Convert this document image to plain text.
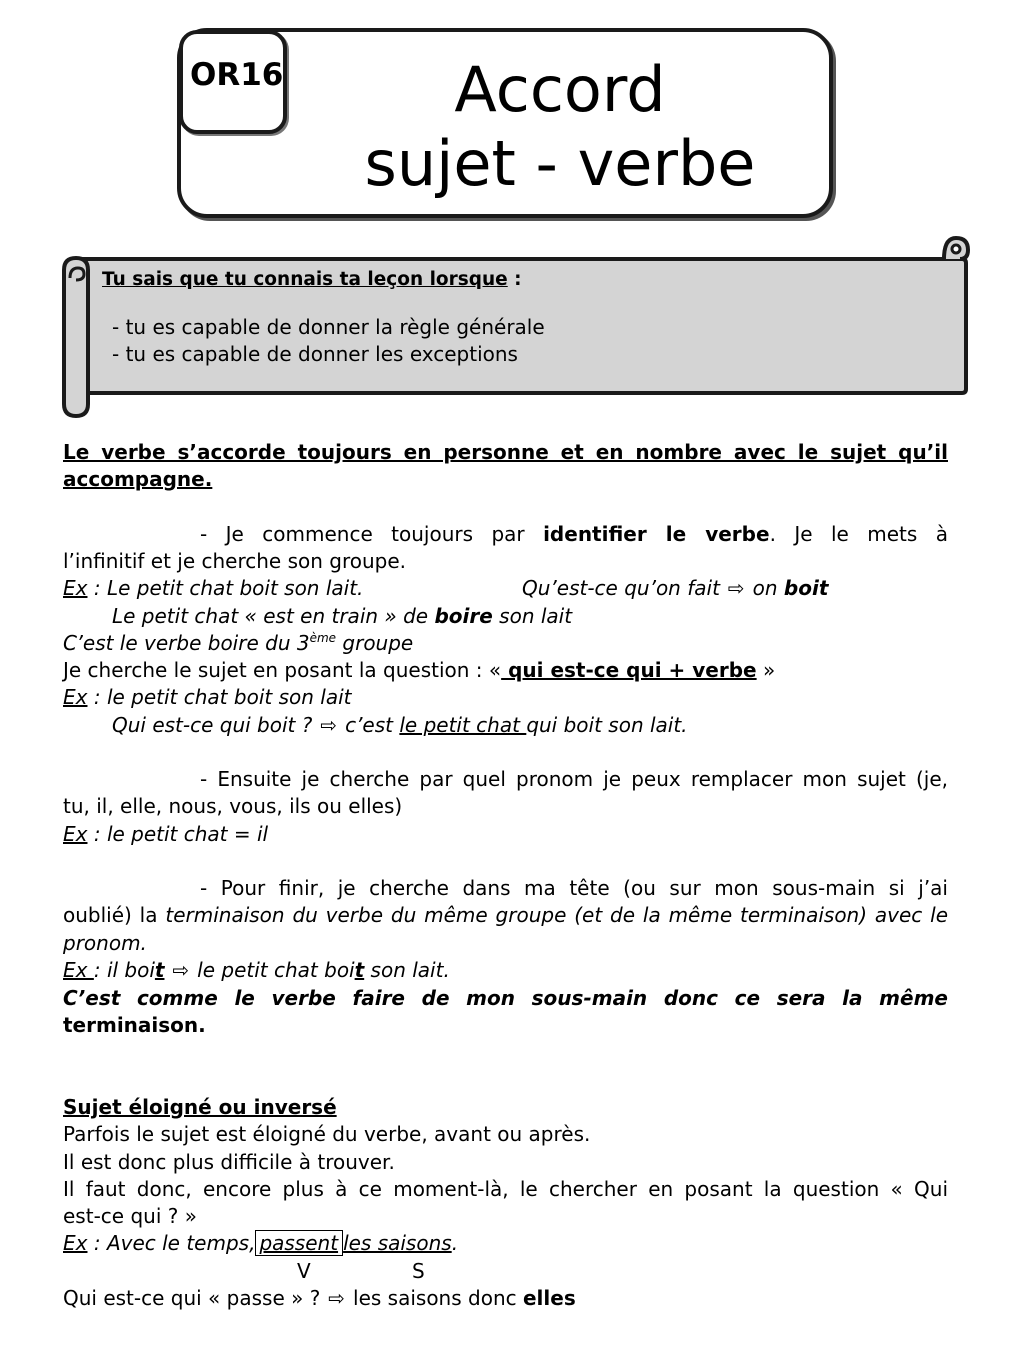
OR16	Accord
sujet - verbe
Tu sais que tu connais ta leçon lorsque :
- tu es capable de donner la règle générale
- tu es capable de donner les exceptions
Le verbe s’accorde toujours en personne et en nombre avec le sujet qu’il
accompagne.
- Je commence toujours par identifier le verbe. Je le mets à
l’infinitif et je cherche son groupe.
Ex : Le petit chat boit son lait.	Qu’est-ce qu’on fait ⇨ on boit
Le petit chat « est en train » de boire son lait
C’est le verbe boire du 3ème groupe
Je cherche le sujet en posant la question : « qui est-ce qui + verbe »
Ex : le petit chat boit son lait
Qui est-ce qui boit ? ⇨ c’est le petit chat qui boit son lait.
- Ensuite je cherche par quel pronom je peux remplacer mon sujet (je,
tu, il, elle, nous, vous, ils ou elles)
Ex : le petit chat = il
- Pour finir, je cherche dans ma tête (ou sur mon sous-main si j’ai
oublié) la terminaison du verbe du même groupe (et de la même terminaison) avec le
pronom.
Ex : il boit ⇨ le petit chat boit son lait.
C’est comme le verbe faire de mon sous-main donc ce sera la même
terminaison.
Sujet éloigné ou inversé
Parfois le sujet est éloigné du verbe, avant ou après.
Il est donc plus difficile à trouver.
Il faut donc, encore plus à ce moment-là, le chercher en posant la question « Qui
est-ce qui ? »
Ex : Avec le temps, passent les saisons.
V	S
Qui est-ce qui « passe » ? ⇨ les saisons donc elles
